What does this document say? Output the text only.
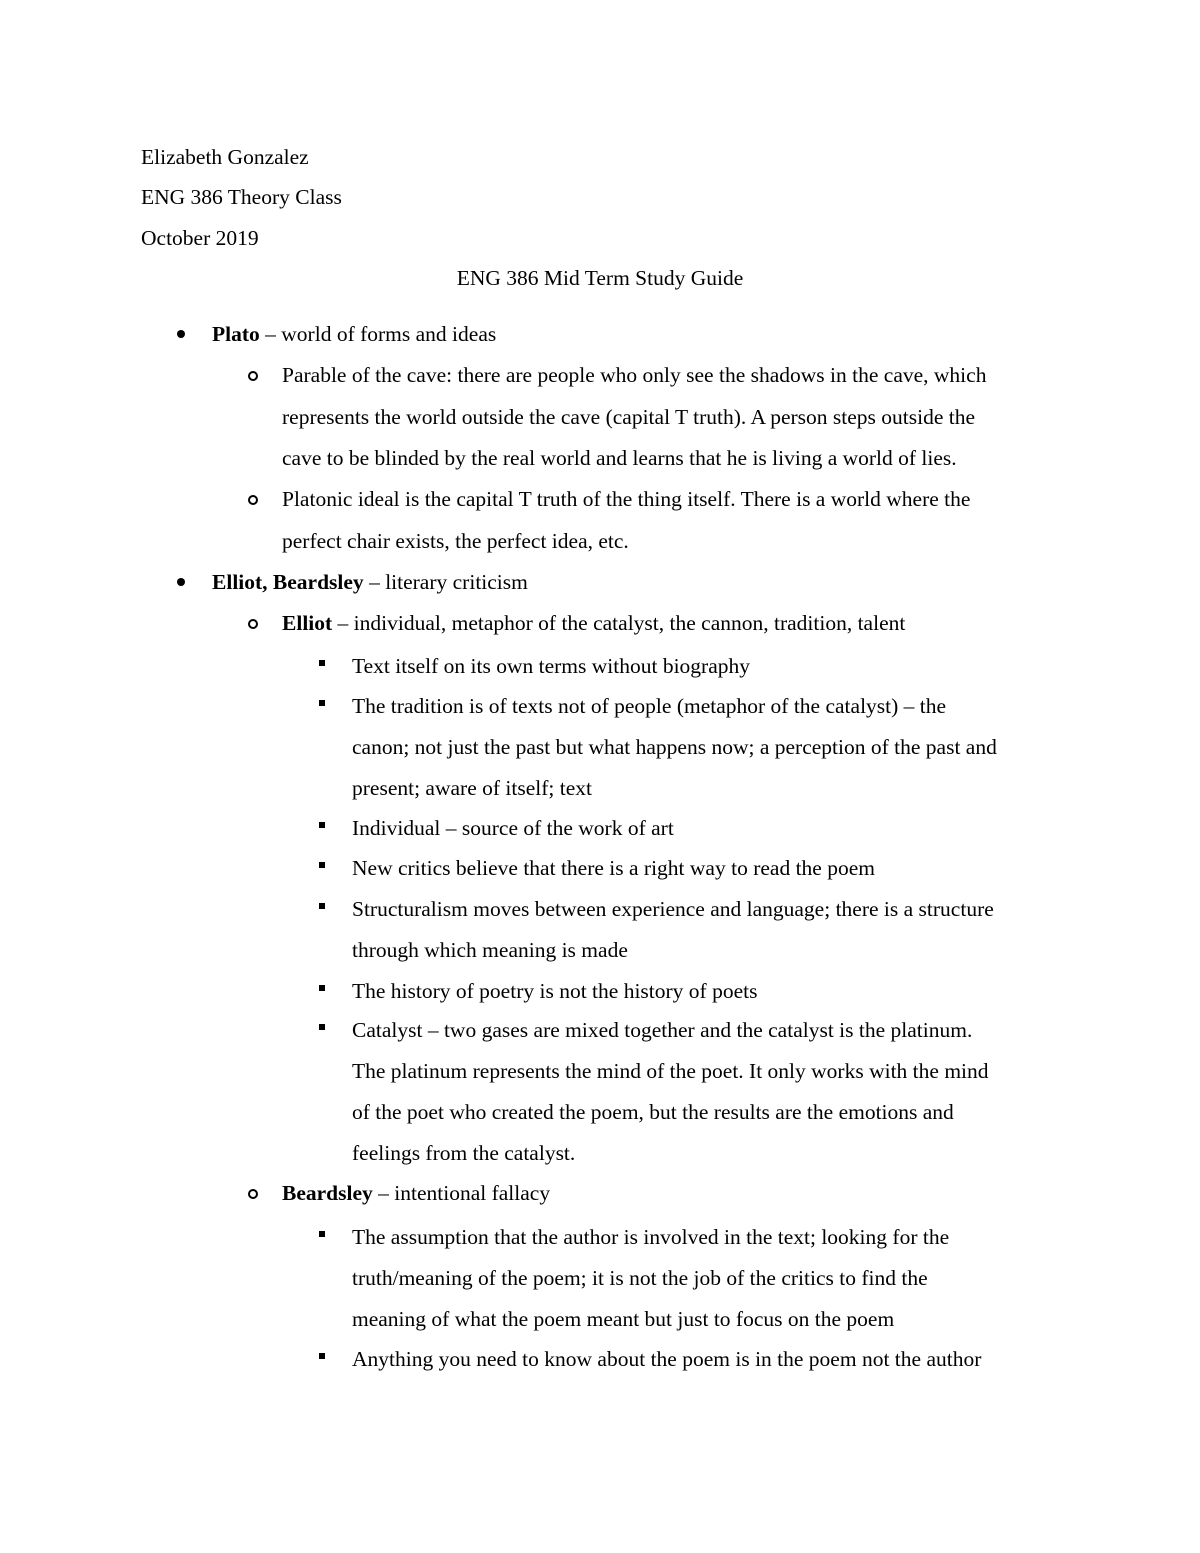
Elizabeth Gonzalez
ENG 386 Theory Class
October 2019
ENG 386 Mid Term Study Guide
Plato – world of forms and ideas
Parable of the cave: there are people who only see the shadows in the cave, which
represents the world outside the cave (capital T truth). A person steps outside the
cave to be blinded by the real world and learns that he is living a world of lies.
Platonic ideal is the capital T truth of the thing itself. There is a world where the
perfect chair exists, the perfect idea, etc.
Elliot, Beardsley – literary criticism
Elliot – individual, metaphor of the catalyst, the cannon, tradition, talent
Text itself on its own terms without biography
The tradition is of texts not of people (metaphor of the catalyst) – the
canon; not just the past but what happens now; a perception of the past and
present; aware of itself; text
Individual – source of the work of art
New critics believe that there is a right way to read the poem
Structuralism moves between experience and language; there is a structure
through which meaning is made
The history of poetry is not the history of poets
Catalyst – two gases are mixed together and the catalyst is the platinum.
The platinum represents the mind of the poet. It only works with the mind
of the poet who created the poem, but the results are the emotions and
feelings from the catalyst.
Beardsley – intentional fallacy
The assumption that the author is involved in the text; looking for the
truth/meaning of the poem; it is not the job of the critics to find the
meaning of what the poem meant but just to focus on the poem
Anything you need to know about the poem is in the poem not the author
